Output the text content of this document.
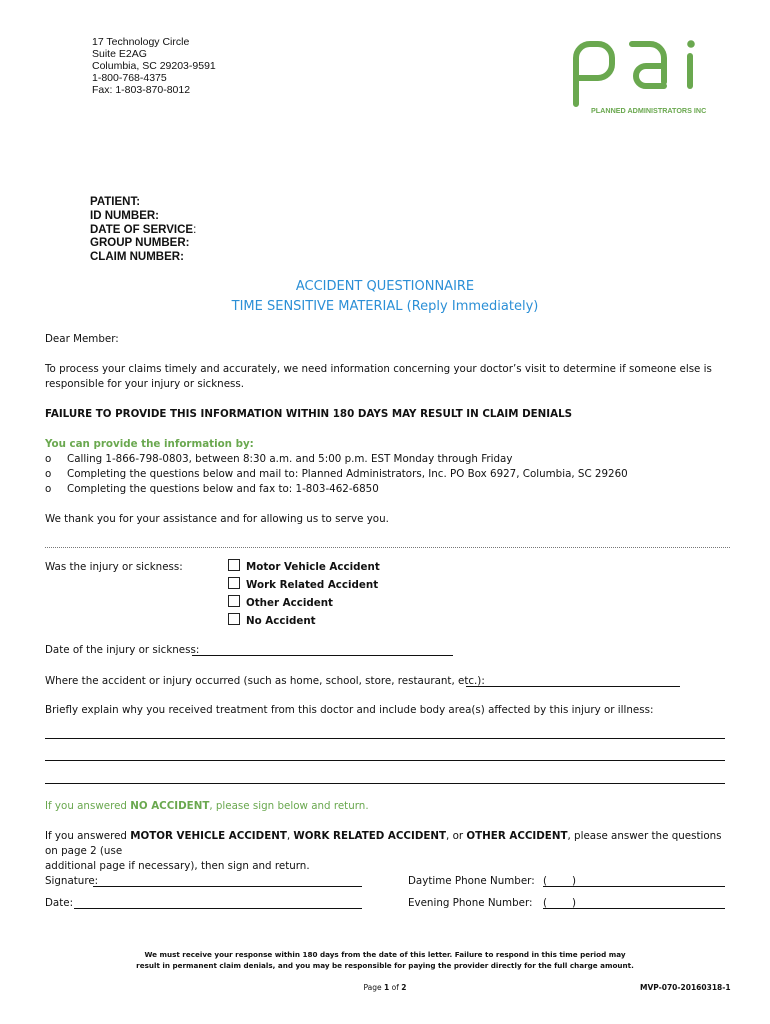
17 Technology Circle
Suite E2AG
Columbia, SC 29203-9591
1-800-768-4375
Fax: 1-803-870-8012
PLANNED ADMINISTRATORS INC
PATIENT:
ID NUMBER:
DATE OF SERVICE:
GROUP NUMBER:
CLAIM NUMBER:
ACCIDENT QUESTIONNAIRE
TIME SENSITIVE MATERIAL (Reply Immediately)
Dear Member:
To process your claims timely and accurately, we need information concerning your doctor’s visit to determine if someone else is
responsible for your injury or sickness.
FAILURE TO PROVIDE THIS INFORMATION WITHIN 180 DAYS MAY RESULT IN CLAIM DENIALS
You can provide the information by:
o Calling 1-866-798-0803, between 8:30 a.m. and 5:00 p.m. EST Monday through Friday
o Completing the questions below and mail to: Planned Administrators, Inc. PO Box 6927, Columbia, SC 29260
o Completing the questions below and fax to: 1-803-462-6850
We thank you for your assistance and for allowing us to serve you.
Was the injury or sickness:	Motor Vehicle Accident
Work Related Accident
Other Accident
No Accident
Date of the injury or sickness:
Where the accident or injury occurred (such as home, school, store, restaurant, etc.):
Briefly explain why you received treatment from this doctor and include body area(s) affected by this injury or illness:
If you answered NO ACCIDENT, please sign below and return.
If you answered MOTOR VEHICLE ACCIDENT, WORK RELATED ACCIDENT, or OTHER ACCIDENT, please answer the questions on page 2 (use
additional page if necessary), then sign and return.
Signature:	Daytime Phone Number: ( )
Date:	Evening Phone Number: ( )
We must receive your response within 180 days from the date of this letter. Failure to respond in this time period may
result in permanent claim denials, and you may be responsible for paying the provider directly for the full charge amount.
Page 1 of 2	MVP-070-20160318-1
